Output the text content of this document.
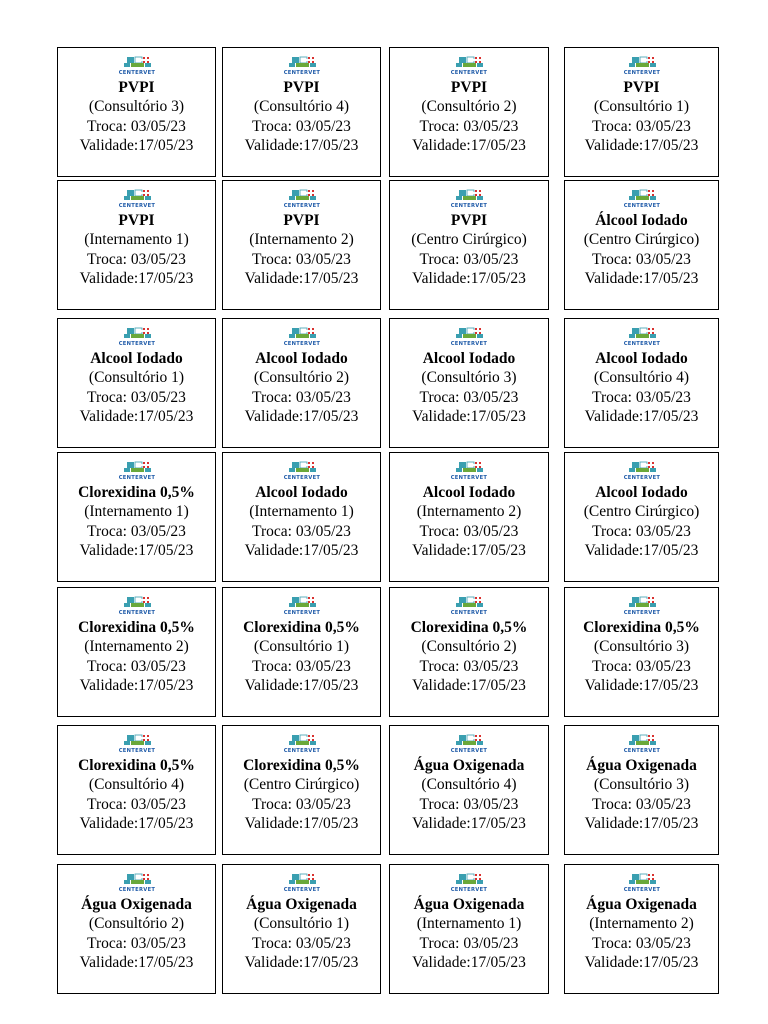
CENTERVET
PVPI
(Consultório 3)
Troca: 03/05/23
Validade:17/05/23
CENTERVET
PVPI
(Consultório 4)
Troca: 03/05/23
Validade:17/05/23
CENTERVET
PVPI
(Consultório 2)
Troca: 03/05/23
Validade:17/05/23
CENTERVET
PVPI
(Consultório 1)
Troca: 03/05/23
Validade:17/05/23
CENTERVET
PVPI
(Internamento 1)
Troca: 03/05/23
Validade:17/05/23
CENTERVET
PVPI
(Internamento 2)
Troca: 03/05/23
Validade:17/05/23
CENTERVET
PVPI
(Centro Cirúrgico)
Troca: 03/05/23
Validade:17/05/23
CENTERVET
Álcool Iodado
(Centro Cirúrgico)
Troca: 03/05/23
Validade:17/05/23
CENTERVET
Alcool Iodado
(Consultório 1)
Troca: 03/05/23
Validade:17/05/23
CENTERVET
Alcool Iodado
(Consultório 2)
Troca: 03/05/23
Validade:17/05/23
CENTERVET
Alcool Iodado
(Consultório 3)
Troca: 03/05/23
Validade:17/05/23
CENTERVET
Alcool Iodado
(Consultório 4)
Troca: 03/05/23
Validade:17/05/23
CENTERVET
Clorexidina 0,5%
(Internamento 1)
Troca: 03/05/23
Validade:17/05/23
CENTERVET
Alcool Iodado
(Internamento 1)
Troca: 03/05/23
Validade:17/05/23
CENTERVET
Alcool Iodado
(Internamento 2)
Troca: 03/05/23
Validade:17/05/23
CENTERVET
Alcool Iodado
(Centro Cirúrgico)
Troca: 03/05/23
Validade:17/05/23
CENTERVET
Clorexidina 0,5%
(Internamento 2)
Troca: 03/05/23
Validade:17/05/23
CENTERVET
Clorexidina 0,5%
(Consultório 1)
Troca: 03/05/23
Validade:17/05/23
CENTERVET
Clorexidina 0,5%
(Consultório 2)
Troca: 03/05/23
Validade:17/05/23
CENTERVET
Clorexidina 0,5%
(Consultório 3)
Troca: 03/05/23
Validade:17/05/23
CENTERVET
Clorexidina 0,5%
(Consultório 4)
Troca: 03/05/23
Validade:17/05/23
CENTERVET
Clorexidina 0,5%
(Centro Cirúrgico)
Troca: 03/05/23
Validade:17/05/23
CENTERVET
Água Oxigenada
(Consultório 4)
Troca: 03/05/23
Validade:17/05/23
CENTERVET
Água Oxigenada
(Consultório 3)
Troca: 03/05/23
Validade:17/05/23
CENTERVET
Água Oxigenada
(Consultório 2)
Troca: 03/05/23
Validade:17/05/23
CENTERVET
Água Oxigenada
(Consultório 1)
Troca: 03/05/23
Validade:17/05/23
CENTERVET
Água Oxigenada
(Internamento 1)
Troca: 03/05/23
Validade:17/05/23
CENTERVET
Água Oxigenada
(Internamento 2)
Troca: 03/05/23
Validade:17/05/23
